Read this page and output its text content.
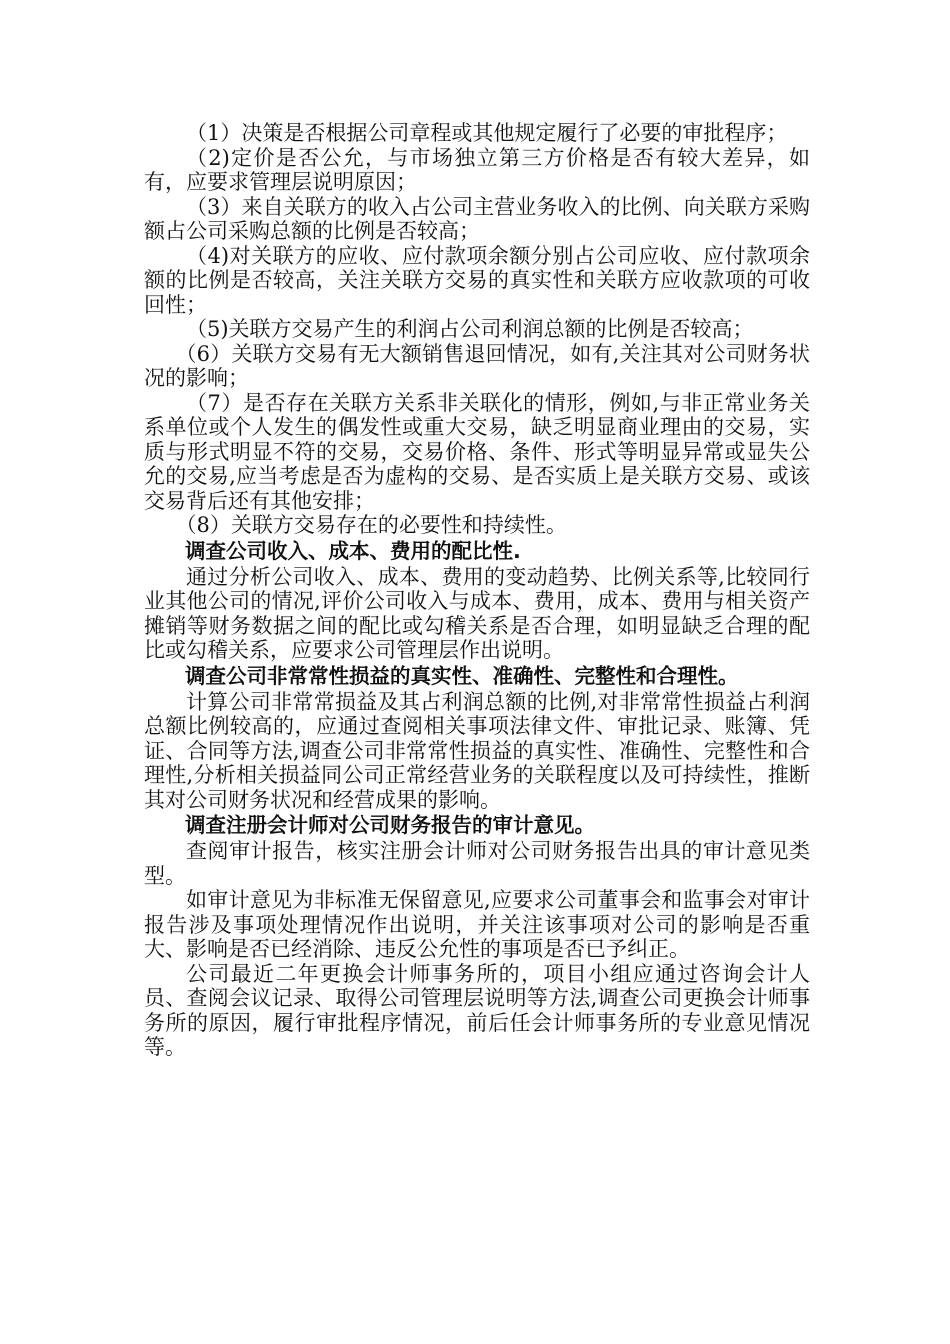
（1）决策是否根据公司章程或其他规定履行了必要的审批程序；

（2)定价是否公允，与市场独立第三方价格是否有较大差异，如有，应要求管理层说明原因；

（3）来自关联方的收入占公司主营业务收入的比例、向关联方采购额占公司采购总额的比例是否较高；

（4)对关联方的应收、应付款项余额分别占公司应收、应付款项余额的比例是否较高，关注关联方交易的真实性和关联方应收款项的可收回性；

（5)关联方交易产生的利润占公司利润总额的比例是否较高；

（6）关联方交易有无大额销售退回情况，如有,关注其对公司财务状况的影响；

（7）是否存在关联方关系非关联化的情形，例如,与非正常业务关系单位或个人发生的偶发性或重大交易，缺乏明显商业理由的交易，实质与形式明显不符的交易，交易价格、条件、形式等明显异常或显失公允的交易,应当考虑是否为虚构的交易、是否实质上是关联方交易、或该交易背后还有其他安排；

（8）关联方交易存在的必要性和持续性。

调查公司收入、成本、费用的配比性.

通过分析公司收入、成本、费用的变动趋势、比例关系等,比较同行业其他公司的情况,评价公司收入与成本、费用，成本、费用与相关资产摊销等财务数据之间的配比或勾稽关系是否合理，如明显缺乏合理的配比或勾稽关系，应要求公司管理层作出说明。

调查公司非常常性损益的真实性、准确性、完整性和合理性。

计算公司非常常损益及其占利润总额的比例,对非常常性损益占利润总额比例较高的，应通过查阅相关事项法律文件、审批记录、账簿、凭证、合同等方法,调查公司非常常性损益的真实性、准确性、完整性和合理性,分析相关损益同公司正常经营业务的关联程度以及可持续性，推断其对公司财务状况和经营成果的影响。

调查注册会计师对公司财务报告的审计意见。

查阅审计报告，核实注册会计师对公司财务报告出具的审计意见类型。

如审计意见为非标准无保留意见,应要求公司董事会和监事会对审计报告涉及事项处理情况作出说明，并关注该事项对公司的影响是否重大、影响是否已经消除、违反公允性的事项是否已予纠正。

公司最近二年更换会计师事务所的，项目小组应通过咨询会计人员、查阅会议记录、取得公司管理层说明等方法,调查公司更换会计师事务所的原因，履行审批程序情况，前后任会计师事务所的专业意见情况等。
